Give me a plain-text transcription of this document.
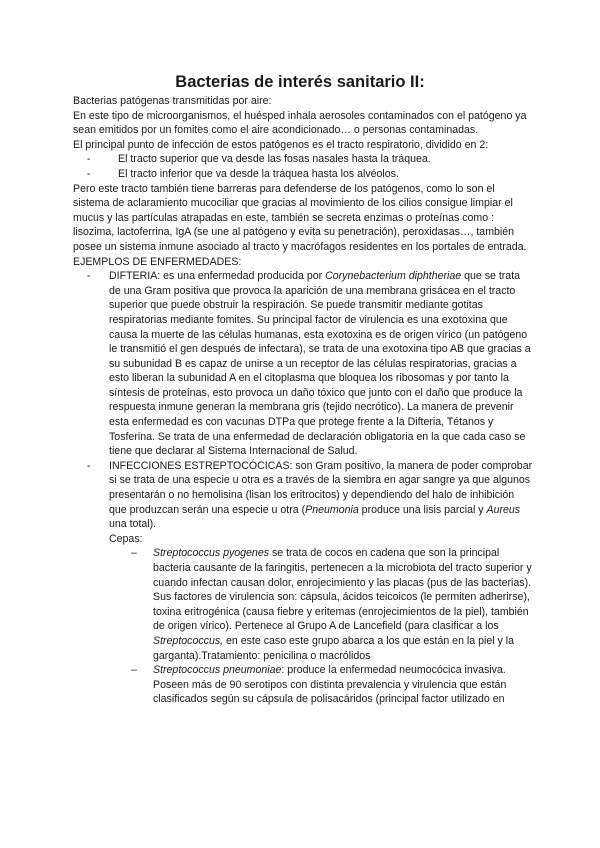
Bacterias de interés sanitario II:

Bacterias patógenas transmitidas por aire:

En este tipo de microorganismos, el huésped inhala aerosoles contaminados con el patógeno ya sean emitidos por un fomites como el aire acondicionado… o personas contaminadas.

El principal punto de infección de estos patógenos es el tracto respiratorio, dividido en 2:

-	El tracto superior que va desde las fosas nasales hasta la tráquea.
-	El tracto inferior que va desde la tráquea hasta los alvéolos.

Pero este tracto también tiene barreras para defenderse de los patógenos, como lo son el sistema de aclaramiento mucociliar que gracias al movimiento de los cilios consigue limpiar el mucus y las partículas atrapadas en este, también se secreta enzimas o proteínas como : lisozima, lactoferrina, IgA (se une al patógeno y evita su penetración), peroxidasas…, también posee un sistema inmune asociado al tracto y macrófagos residentes en los portales de entrada.

EJEMPLOS DE ENFERMEDADES:

-	DIFTERIA: es una enfermedad producida por Corynebacterium diphtheriae que se trata de una Gram positiva que provoca la aparición de una membrana grisácea en el tracto superior que puede obstruir la respiración. Se puede transmitir mediante gotitas respiratorias mediante fomites. Su principal factor de virulencia es una exotoxina que causa la muerte de las células humanas, esta exotoxina es de origen vírico (un patógeno le transmitió el gen después de infectara), se trata de una exotoxina tipo AB que gracias a su subunidad B es capaz de unirse a un receptor de las células respiratorias, gracias a esto liberan la subunidad A en el citoplasma que bloquea los ribosomas y por tanto la síntesis de proteínas, esto provoca un daño tóxico que junto con el daño que produce la respuesta inmune generan la membrana gris (tejido necrótico). La manera de prevenir esta enfermedad es con vacunas DTPa que protege frente a la Difteria, Tétanos y Tosferina. Se trata de una enfermedad de declaración obligatoria en la que cada caso se tiene que declarar al Sistema Internacional de Salud.
-	INFECCIONES ESTREPTOCÓCICAS: son Gram positivo, la manera de poder comprobar si se trata de una especie u otra es a través de la siembra en agar sangre ya que algunos presentarán o no hemolisina (lisan los eritrocitos) y dependiendo del halo de inhibición que produzcan serán una especie u otra (Pneumonia produce una lisis parcial y Aureus una total).

Cepas:

–	Streptococcus pyogenes se trata de cocos en cadena que son la principal bacteria causante de la faringitis, pertenecen a la microbiota del tracto superior y cuando infectan causan dolor, enrojecimiento y las placas (pus de las bacterias). Sus factores de virulencia son: cápsula, ácidos teicoicos (le permiten adherirse), toxina eritrogénica (causa fiebre y eritemas (enrojecimientos de la piel), también de origen vírico). Pertenece al Grupo A de Lancefield (para clasificar a los Streptococcus, en este caso este grupo abarca a los que están en la piel y la garganta).Tratamiento: penicilina o macrólidos
–	Streptococcus pneumoniae: produce la enfermedad neumocócica invasiva. Poseen más de 90 serotipos con distinta prevalencia y virulencia que están clasificados según su cápsula de polisacáridos (principal factor utilizado en
